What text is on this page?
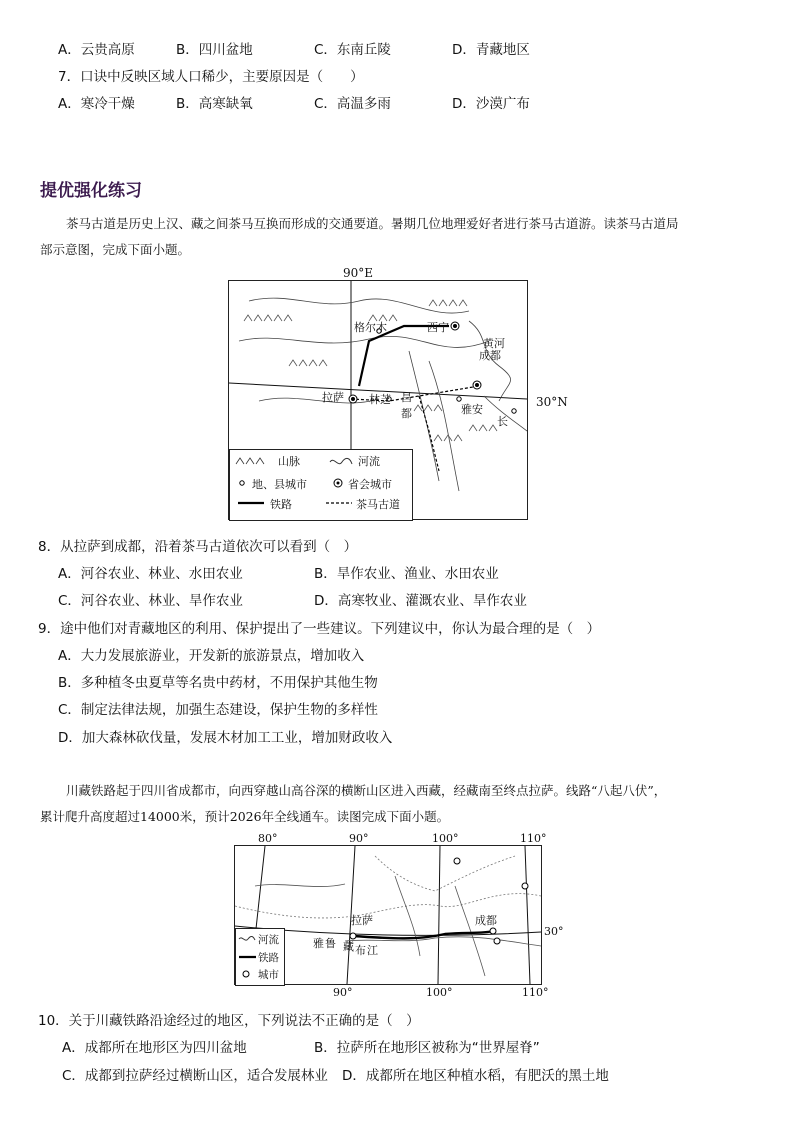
A．云贵高原	B．四川盆地	C．东南丘陵	D．青藏地区
7．口诀中反映区域人口稀少，主要原因是（　　）
A．寒冷干燥	B．高寒缺氧	C．高温多雨	D．沙漠广布
提优强化练习
茶马古道是历史上汉、藏之间茶马互换而形成的交通要道。暑期几位地理爱好者进行茶马古道游。读茶马古道局
部示意图，完成下面小题。
90°E
格尔木	西宁
黄河
成都
拉萨 林芝 昌
都	雅安
长
山脉	河流
地、县城市	省会城市
铁路	茶马古道
30°N
8．从拉萨到成都，沿着茶马古道依次可以看到（　）
A．河谷农业、林业、水田农业	B．旱作农业、渔业、水田农业
C．河谷农业、林业、旱作农业	D．高寒牧业、灌溉农业、旱作农业
9．途中他们对青藏地区的利用、保护提出了一些建议。下列建议中，你认为最合理的是（　）
A．大力发展旅游业，开发新的旅游景点，增加收入
B．多种植冬虫夏草等名贵中药材，不用保护其他生物
C．制定法律法规，加强生态建设，保护生物的多样性
D．加大森林砍伐量，发展木材加工工业，增加财政收入
川藏铁路起于四川省成都市，向西穿越山高谷深的横断山区进入西藏，经藏南至终点拉萨。线路“八起八伏”，
累计爬升高度超过14000米，预计2026年全线通车。读图完成下面小题。
80°	90°	100°	110°
拉萨	成都
雅 鲁 藏 布 江
河流
铁路
城市
30°
90°	100°	110°
10．关于川藏铁路沿途经过的地区，下列说法不正确的是（　）
A．成都所在地形区为四川盆地	B．拉萨所在地形区被称为“世界屋脊”
C．成都到拉萨经过横断山区，适合发展林业 D．成都所在地区种植水稻，有肥沃的黑土地
